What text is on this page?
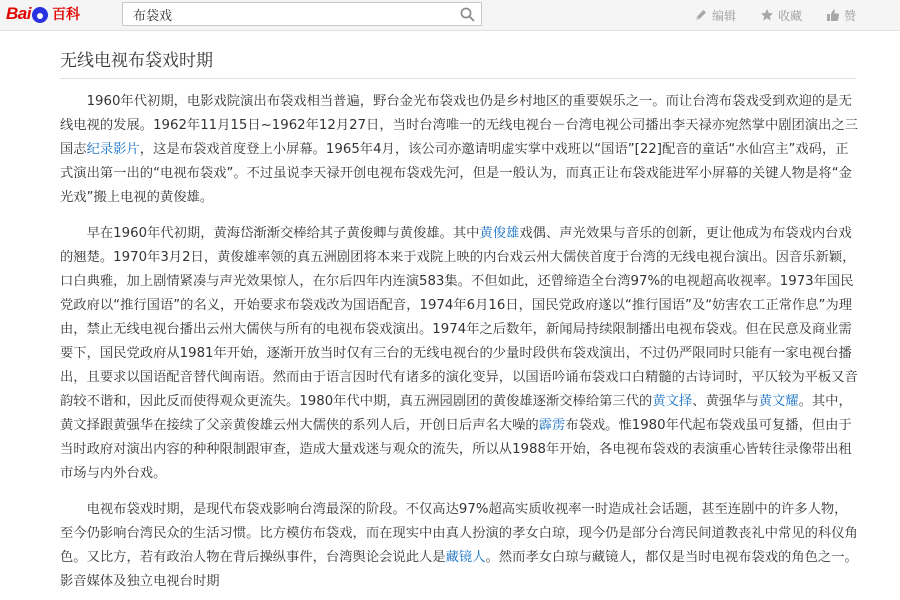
Bai 百科
布袋戏	编辑	收藏	赞
无线电视布袋戏时期

1960年代初期，电影戏院演出布袋戏相当普遍，野台金光布袋戏也仍是乡村地区的重要娱乐之一。而让台湾布袋戏受到欢迎的是无线电视的发展。1962年11月15日~1962年12月27日，当时台湾唯一的无线电视台－台湾电视公司播出李天禄亦宛然掌中剧团演出之三国志纪录影片，这是布袋戏首度登上小屏幕。1965年4月，该公司亦邀请明虚实掌中戏班以“国语”[22]配音的童话“水仙宫主”戏码，正式演出第一出的“电视布袋戏”。不过虽说李天禄开创电视布袋戏先河，但是一般认为，而真正让布袋戏能进军小屏幕的关键人物是将“金光戏”搬上电视的黄俊雄。

早在1960年代初期，黄海岱渐渐交棒给其子黄俊卿与黄俊雄。其中黄俊雄戏偶、声光效果与音乐的创新，更让他成为布袋戏内台戏的翘楚。1970年3月2日，黄俊雄率领的真五洲剧团将本来于戏院上映的内台戏云州大儒侠首度于台湾的无线电视台演出。因音乐新颖，口白典雅，加上剧情紧凑与声光效果惊人，在尔后四年内连演583集。不但如此，还曾缔造全台湾97%的电视超高收视率。1973年国民党政府以“推行国语”的名义，开始要求布袋戏改为国语配音，1974年6月16日，国民党政府遂以“推行国语”及“妨害农工正常作息”为理由，禁止无线电视台播出云州大儒侠与所有的电视布袋戏演出。1974年之后数年，新闻局持续限制播出电视布袋戏。但在民意及商业需要下，国民党政府从1981年开始，逐渐开放当时仅有三台的无线电视台的少量时段供布袋戏演出，不过仍严限同时只能有一家电视台播出，且要求以国语配音替代闽南语。然而由于语言因时代有诸多的演化变异，以国语吟诵布袋戏口白精髓的古诗词时，平仄较为平板又音韵较不谐和，因此反而使得观众更流失。1980年代中期，真五洲园剧团的黄俊雄逐渐交棒给第三代的黄文择、黄强华与黄文耀。其中，黄文择跟黄强华在接续了父亲黄俊雄云州大儒侠的系列人后，开创日后声名大噪的霹雳布袋戏。惟1980年代起布袋戏虽可复播，但由于当时政府对演出内容的种种限制跟审查，造成大量戏迷与观众的流失，所以从1988年开始，各电视布袋戏的表演重心皆转往录像带出租市场与内外台戏。

电视布袋戏时期，是现代布袋戏影响台湾最深的阶段。不仅高达97%超高实质收视率一时造成社会话题，甚至连剧中的许多人物，至今仍影响台湾民众的生活习惯。比方模仿布袋戏，而在现实中由真人扮演的孝女白琼，现今仍是部分台湾民间道教丧礼中常见的科仪角色。又比方，若有政治人物在背后操纵事件，台湾舆论会说此人是藏镜人。然而孝女白琼与藏镜人，都仅是当时电视布袋戏的角色之一。影音媒体及独立电视台时期
